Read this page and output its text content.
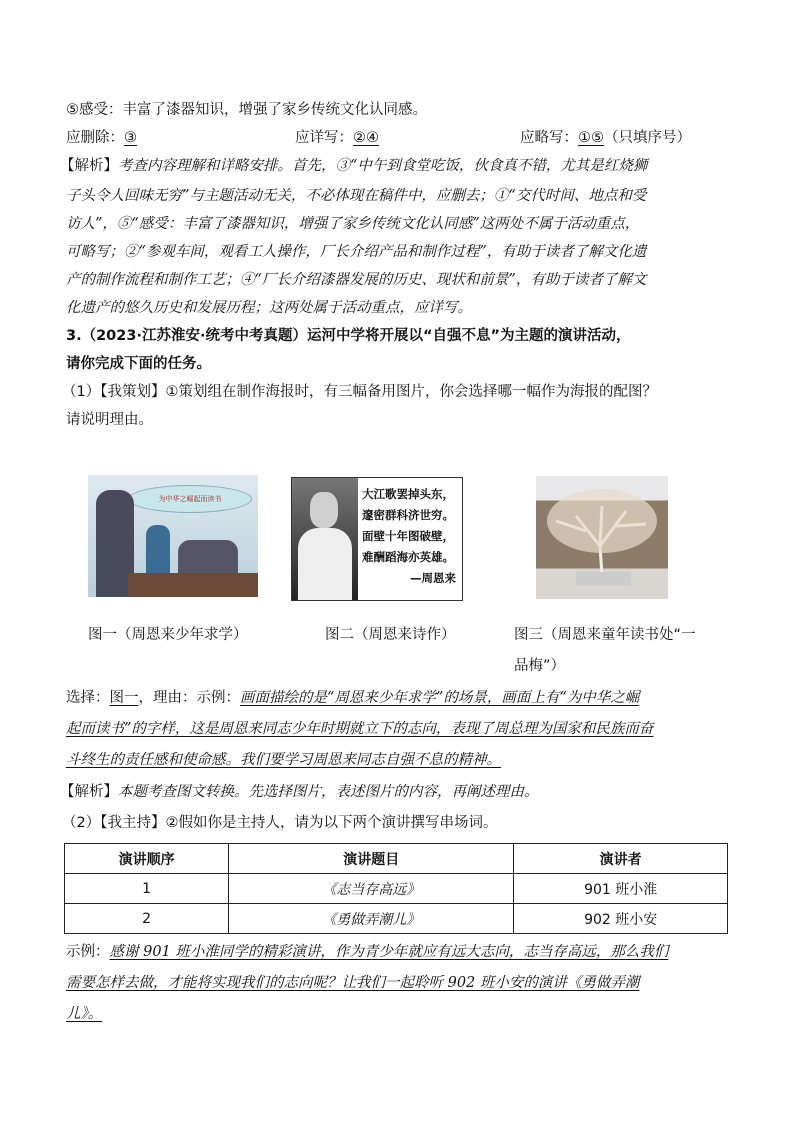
⑤感受：丰富了漆器知识，增强了家乡传统文化认同感。
应删除：③	应详写：②④	应略写：①⑤（只填序号）
【解析】考查内容理解和详略安排。首先，③“中午到食堂吃饭，伙食真不错，尤其是红烧狮
子头令人回味无穷”与主题活动无关，不必体现在稿件中，应删去；①“交代时间、地点和受
访人”，⑤“感受：丰富了漆器知识，增强了家乡传统文化认同感”这两处不属于活动重点，
可略写；②“参观车间，观看工人操作，厂长介绍产品和制作过程”，有助于读者了解文化遗
产的制作流程和制作工艺；④“厂长介绍漆器发展的历史、现状和前景”，有助于读者了解文
化遗产的悠久历史和发展历程；这两处属于活动重点，应详写。
3.（2023·江苏淮安·统考中考真题）运河中学将开展以“自强不息”为主题的演讲活动，
请你完成下面的任务。
（1）【我策划】①策划组在制作海报时，有三幅备用图片，你会选择哪一幅作为海报的配图？
请说明理由。
为中华之崛起而读书	大江歌罢掉头东，
邃密群科济世穷。
面壁十年图破壁，
难酬蹈海亦英雄。
—周恩来
图一（周恩来少年求学）	图二（周恩来诗作）	图三（周恩来童年读书处“一
品梅”）
选择：图一，理由：示例：画面描绘的是“周恩来少年求学”的场景，画面上有“为中华之崛
起而读书”的字样，这是周恩来同志少年时期就立下的志向，表现了周总理为国家和民族而奋
斗终生的责任感和使命感。我们要学习周恩来同志自强不息的精神。
【解析】本题考查图文转换。先选择图片，表述图片的内容，再阐述理由。
（2）【我主持】②假如你是主持人，请为以下两个演讲撰写串场词。
演讲顺序	演讲题目	演讲者
1	《志当存高远》	901 班小淮
2	《勇做弄潮儿》	902 班小安
示例：感谢 901 班小淮同学的精彩演讲，作为青少年就应有远大志向，志当存高远，那么我们
需要怎样去做，才能将实现我们的志向呢？让我们一起聆听 902 班小安的演讲《勇做弄潮
儿》。
